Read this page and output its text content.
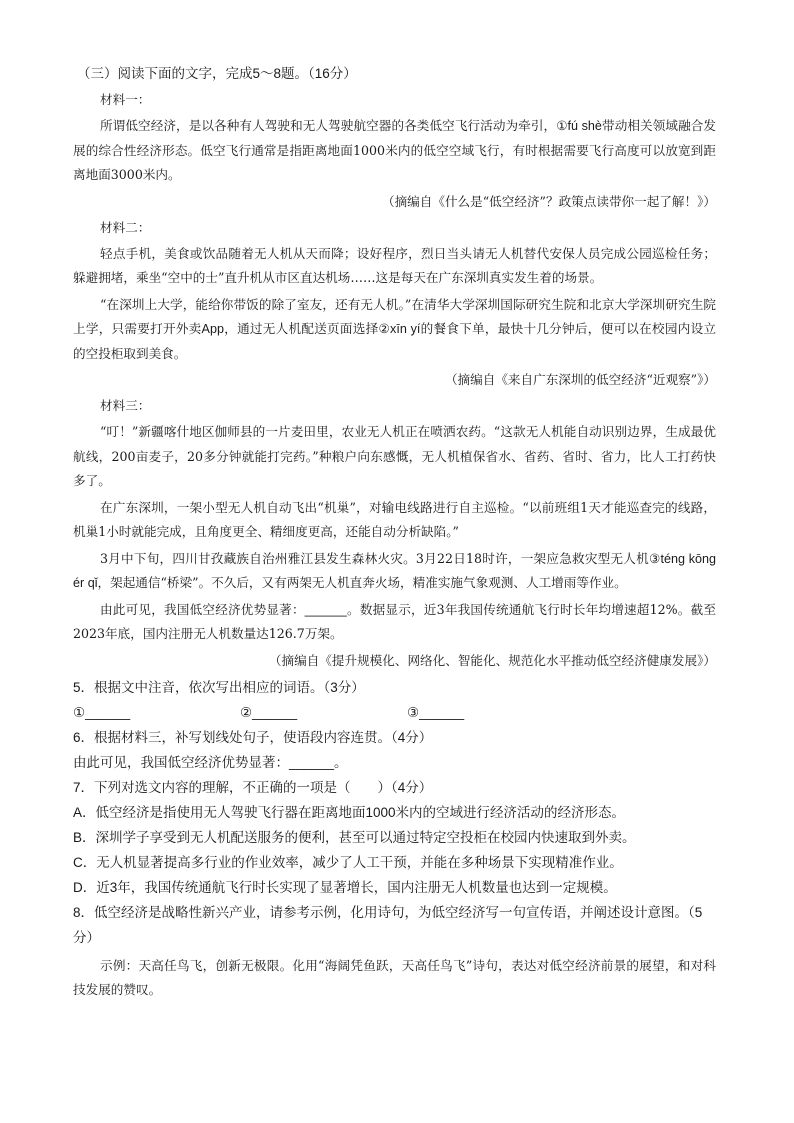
（三）阅读下面的文字，完成5～8题。（16分）
材料一：
所谓低空经济，是以各种有人驾驶和无人驾驶航空器的各类低空飞行活动为牵引，①fú shè带动相关领域融合发展的综合性经济形态。低空飞行通常是指距离地面1000米内的低空空域飞行，有时根据需要飞行高度可以放宽到距离地面3000米内。
（摘编自《什么是“低空经济”？政策点读带你一起了解！》）
材料二：
轻点手机，美食或饮品随着无人机从天而降；设好程序，烈日当头请无人机替代安保人员完成公园巡检任务；躲避拥堵，乘坐“空中的士”直升机从市区直达机场……这是每天在广东深圳真实发生着的场景。
“在深圳上大学，能给你带饭的除了室友，还有无人机。”在清华大学深圳国际研究生院和北京大学深圳研究生院上学，只需要打开外卖App，通过无人机配送页面选择②xīn yí的餐食下单，最快十几分钟后，便可以在校园内设立的空投柜取到美食。
（摘编自《来自广东深圳的低空经济“近观察”》）
材料三：
“叮！”新疆喀什地区伽师县的一片麦田里，农业无人机正在喷洒农药。“这款无人机能自动识别边界，生成最优航线，200亩麦子，20多分钟就能打完药。”种粮户向东感慨，无人机植保省水、省药、省时、省力，比人工打药快多了。
在广东深圳，一架小型无人机自动飞出“机巢”，对输电线路进行自主巡检。“以前班组1天才能巡查完的线路，机巢1小时就能完成，且角度更全、精细度更高，还能自动分析缺陷。”
3月中下旬，四川甘孜藏族自治州雅江县发生森林火灾。3月22日18时许，一架应急救灾型无人机③téng kōng ér qǐ，架起通信“桥梁”。不久后，又有两架无人机直奔火场，精准实施气象观测、人工增雨等作业。
由此可见，我国低空经济优势显著：______。数据显示，近3年我国传统通航飞行时长年均增速超12%。截至2023年底，国内注册无人机数量达126.7万架。
（摘编自《提升规模化、网络化、智能化、规范化水平推动低空经济健康发展》）
5．根据文中注音，依次写出相应的词语。（3分）
①______	②______	③______
6．根据材料三，补写划线处句子，使语段内容连贯。（4分）
由此可见，我国低空经济优势显著：______。
7．下列对选文内容的理解，不正确的一项是（　　）（4分）
A．低空经济是指使用无人驾驶飞行器在距离地面1000米内的空域进行经济活动的经济形态。
B．深圳学子享受到无人机配送服务的便利，甚至可以通过特定空投柜在校园内快速取到外卖。
C．无人机显著提高多行业的作业效率，减少了人工干预，并能在多种场景下实现精准作业。
D．近3年，我国传统通航飞行时长实现了显著增长，国内注册无人机数量也达到一定规模。
8．低空经济是战略性新兴产业，请参考示例，化用诗句，为低空经济写一句宣传语，并阐述设计意图。（5分）
示例：天高任鸟飞，创新无极限。化用“海阔凭鱼跃，天高任鸟飞”诗句，表达对低空经济前景的展望，和对科技发展的赞叹。
